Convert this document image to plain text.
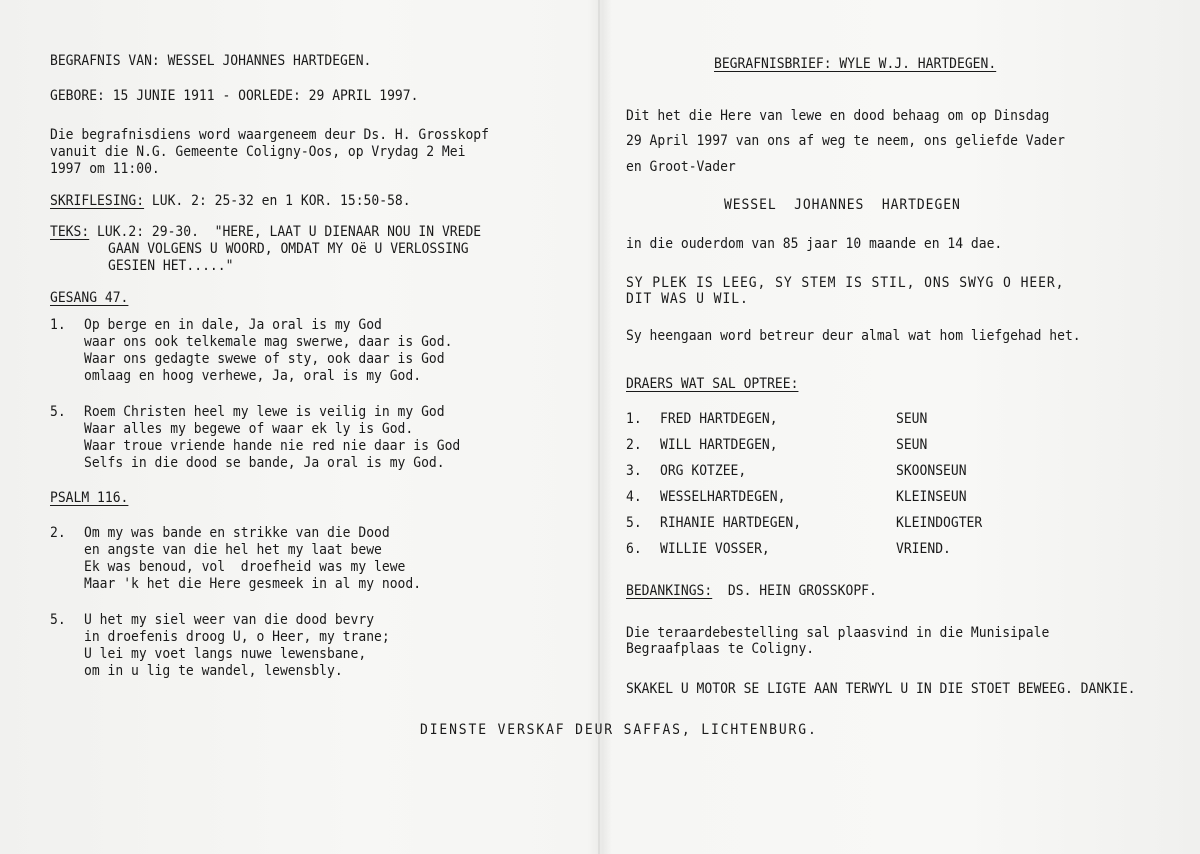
BEGRAFNIS VAN: WESSEL JOHANNES HARTDEGEN.
GEBORE: 15 JUNIE 1911 - OORLEDE: 29 APRIL 1997.
Die begrafnisdiens word waargeneem deur Ds. H. Grosskopf
vanuit die N.G. Gemeente Coligny-Oos, op Vrydag 2 Mei
1997 om 11:00.
SKRIFLESING: LUK. 2: 25-32 en 1 KOR. 15:50-58.
TEKS: LUK.2: 29-30.  "HERE, LAAT U DIENAAR NOU IN VREDE
GAAN VOLGENS U WOORD, OMDAT MY Oë U VERLOSSING
GESIEN HET....."
GESANG 47.
1. Op berge en in dale, Ja oral is my God
waar ons ook telkemale mag swerwe, daar is God.
Waar ons gedagte swewe of sty, ook daar is God
omlaag en hoog verhewe, Ja, oral is my God.
5. Roem Christen heel my lewe is veilig in my God
Waar alles my begewe of waar ek ly is God.
Waar troue vriende hande nie red nie daar is God
Selfs in die dood se bande, Ja oral is my God.
PSALM 116.
2. Om my was bande en strikke van die Dood
en angste van die hel het my laat bewe
Ek was benoud, vol  droefheid was my lewe
Maar 'k het die Here gesmeek in al my nood.
5. U het my siel weer van die dood bevry
in droefenis droog U, o Heer, my trane;
U lei my voet langs nuwe lewensbane,
om in u lig te wandel, lewensbly.
BEGRAFNISBRIEF: WYLE W.J. HARTDEGEN.
Dit het die Here van lewe en dood behaag om op Dinsdag
29 April 1997 van ons af weg te neem, ons geliefde Vader
en Groot-Vader
WESSEL  JOHANNES  HARTDEGEN
in die ouderdom van 85 jaar 10 maande en 14 dae.
SY PLEK IS LEEG, SY STEM IS STIL, ONS SWYG O HEER,
DIT WAS U WIL.
Sy heengaan word betreur deur almal wat hom liefgehad het.
DRAERS WAT SAL OPTREE:
1. FRED HARTDEGEN,	SEUN
2. WILL HARTDEGEN,	SEUN
3. ORG KOTZEE,	SKOONSEUN
4. WESSELHARTDEGEN,	KLEINSEUN
5. RIHANIE HARTDEGEN,	KLEINDOGTER
6. WILLIE VOSSER,	VRIEND.
BEDANKINGS:  DS. HEIN GROSSKOPF.
Die teraardebestelling sal plaasvind in die Munisipale
Begraafplaas te Coligny.
SKAKEL U MOTOR SE LIGTE AAN TERWYL U IN DIE STOET BEWEEG. DANKIE.
DIENSTE VERSKAF DEUR SAFFAS, LICHTENBURG.
